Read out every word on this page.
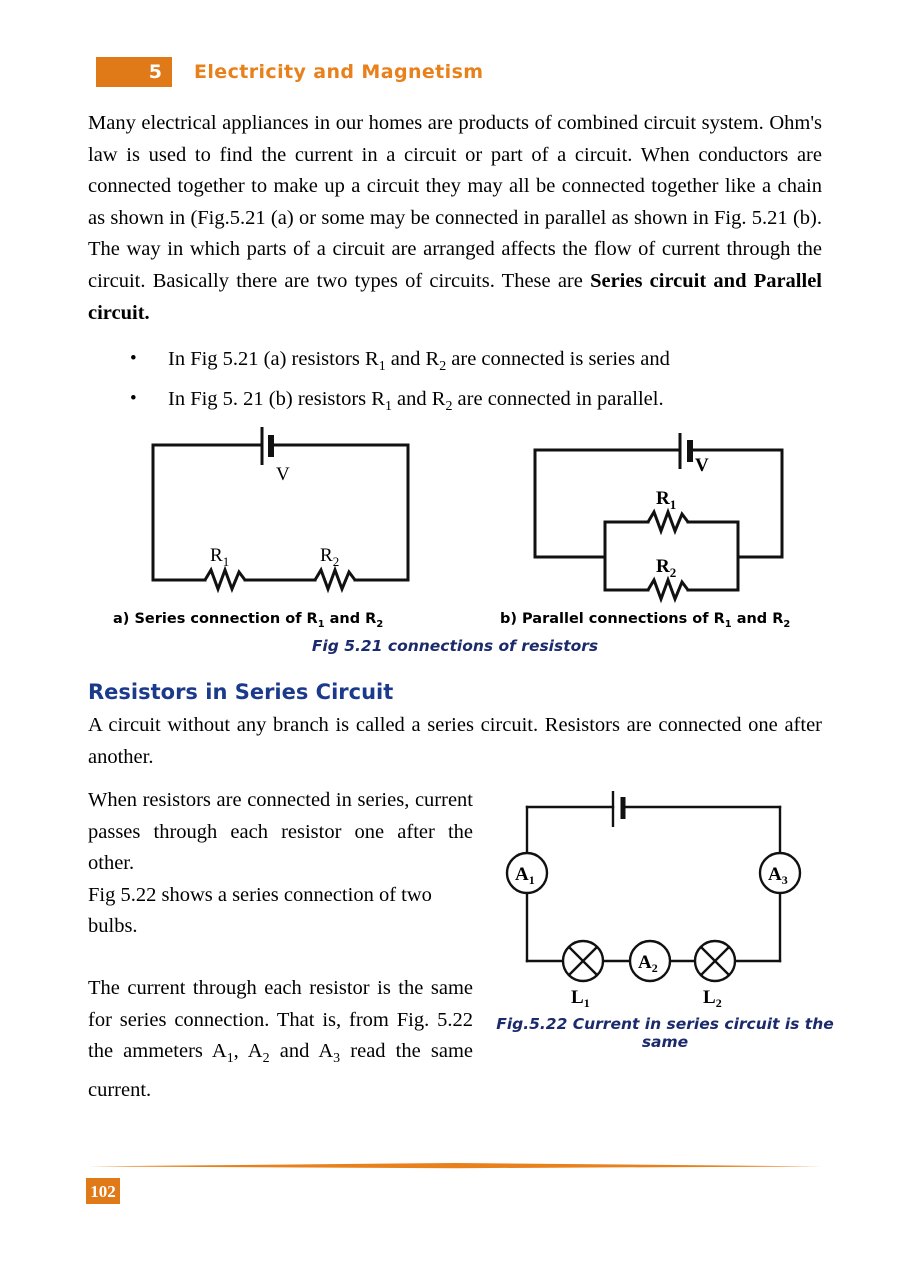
5 Electricity and Magnetism

Many electrical appliances in our homes are products of combined circuit system. Ohm's law is used to find the current in a circuit or part of a circuit. When conductors are connected together to make up a circuit they may all be connected together like a chain as shown in (Fig.5.21 (a) or some may be connected in parallel as shown in Fig. 5.21 (b). The way in which parts of a circuit are arranged affects the flow of current through the circuit. Basically there are two types of circuits. These are Series circuit and Parallel circuit.

• In Fig 5.21 (a) resistors $R_1$ and $R_2$ are connected is series and
• In Fig 5. 21 (b) resistors $R_1$ and $R_2$ are connected in parallel.
V
$R_1$	$R_2$
V
$R_1$
$R_2$
a) Series connection of $R_1$ and $R_2$	b) Parallel connections of $R_1$ and $R_2$
Fig 5.21 connections of resistors
Resistors in Series Circuit

A circuit without any branch is called a series circuit. Resistors are connected one after another.

When resistors are connected in series, current passes through each resistor one after the other.

Fig 5.22 shows a series connection of two bulbs.

The current through each resistor is the same for series connection. That is, from Fig. 5.22 the ammeters $A_1$, $A_2$ and $A_3$ read the same current.

$A_1$	$A_3$
$L_1$
$A_2$
$L_2$
Fig.5.22 Current in series circuit is the same
102
